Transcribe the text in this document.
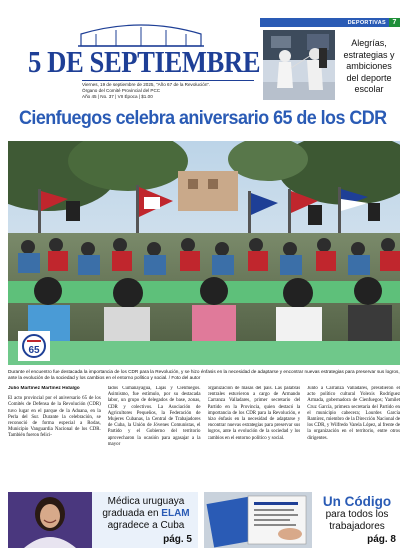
5 DE SEPTIEMBRE
Viernes, 19 de septiembre de 2025, "Año 67 de la Revolución".
Órgano del Comité Provincial del PCC
Año 45 | No. 37 | VII Época | $1.00
DEPORTIVAS 7
Alegrías,
estrategias y
ambiciones
del deporte
escolar
Cienfuegos celebra aniversario 65 de los CDR
65
Durante el encuentro fue destacada la importancia de los CDR para la Revolución, y se hizo énfasis en la necesidad de adaptarse y encontrar nuevas estrategias para preservar sus logros, ante la evolución de la sociedad y los cambios en el entorno político y social. / Foto del autor
Julio Martínez Martínez Hidalgo
El acto provincial por el aniversario 65 de los Comités de Defensa de la Revolución (CDR) tuvo lugar en el parque de la Aduana, en la Perla del Sur. Durante la celebración, se reconoció de forma especial a Rodas, Municipio Vanguardia Nacional de los CDR. También fueron felici-
tados Cumanayagua, Lajas y Cienfuegos. Asimismo, fue estímulo, por su destacada labor, un grupo de delegados de base, zonas, CDR y colectivos. La Asociación de Agricultores Pequeños, la Federación de Mujeres Cubanas, la Central de Trabajadores de Cuba, la Unión de Jóvenes Comunistas, el Partido y el Gobierno del territorio aprovecharon la ocasión para agasajar a la mayor
organización de masas del país. Las palabras centrales estuvieron a cargo de Armando Carranza Valladares, primer secretario del Partido en la Provincia, quien destacó la importancia de los CDR para la Revolución, e hizo énfasis en la necesidad de adaptarse y encontrar nuevas estrategias para preservar sus logros, ante la evolución de la sociedad y los cambios en el entorno político y social.
Junto a Carranza Valladares, presidieron el acto político cultural Yolexis Rodríguez Armada, gobernadora de Cienfuegos; Yamilet Cruz García, primera secretaria del Partido en el municipio cabecera; Lourdes García Ramírez, miembro de la Dirección Nacional de los CDR, y Wilfredo Varela López, al frente de la organización en el territorio, entre otros dirigentes.
Médica uruguaya
graduada en ELAM
agradece a Cuba
pág. 5
Un Código
para todos los
trabajadores
pág. 8
